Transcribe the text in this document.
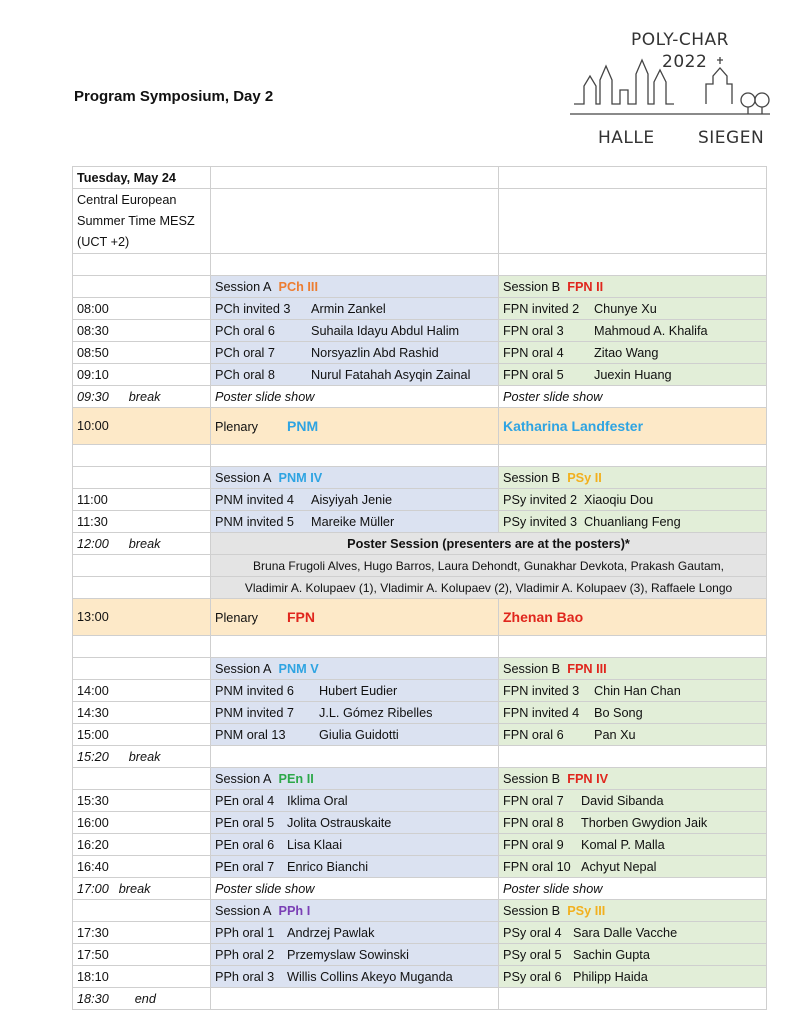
Program Symposium, Day 2
POLY-CHAR
2022
HALLE	SIEGEN
Tuesday, May 24		

Central European
Summer Time MESZ
(UCT +2)		

	Session A PCh III	Session B FPN II
08:00	PCh invited 3 Armin Zankel	FPN invited 2 Chunye Xu
08:30	PCh oral 6 Suhaila Idayu Abdul Halim	FPN oral 3 Mahmoud A. Khalifa
08:50	PCh oral 7 Norsyazlin Abd Rashid	FPN oral 4 Zitao Wang
09:10	PCh oral 8 Nurul Fatahah Asyqin Zainal	FPN oral 5 Juexin Huang
09:30 break	Poster slide show	Poster slide show
10:00	Plenary PNM	Katharina Landfester

	Session A PNM IV	Session B PSy II
11:00	PNM invited 4 Aisyiyah Jenie	PSy invited 2 Xiaoqiu Dou
11:30	PNM invited 5 Mareike Müller	PSy invited 3 Chuanliang Feng
12:00 break	Poster Session (presenters are at the posters)*	
	Bruna Frugoli Alves, Hugo Barros, Laura Dehondt, Gunakhar Devkota, Prakash Gautam,	
	Vladimir A. Kolupaev (1), Vladimir A. Kolupaev (2), Vladimir A. Kolupaev (3), Raffaele Longo	
13:00	Plenary FPN	Zhenan Bao

	Session A PNM V	Session B FPN III
14:00	PNM invited 6 Hubert Eudier	FPN invited 3 Chin Han Chan
14:30	PNM invited 7 J.L. Gómez Ribelles	FPN invited 4 Bo Song
15:00	PNM oral 13 Giulia Guidotti	FPN oral 6 Pan Xu
15:20 break		
	Session A PEn II	Session B FPN IV
15:30	PEn oral 4 Iklima Oral	FPN oral 7 David Sibanda
16:00	PEn oral 5 Jolita Ostrauskaite	FPN oral 8 Thorben Gwydion Jaik
16:20	PEn oral 6 Lisa Klaai	FPN oral 9 Komal P. Malla
16:40	PEn oral 7 Enrico Bianchi	FPN oral 10 Achyut Nepal
17:00 break	Poster slide show	Poster slide show
	Session A PPh I	Session B PSy III
17:30	PPh oral 1 Andrzej Pawlak	PSy oral 4 Sara Dalle Vacche
17:50	PPh oral 2 Przemyslaw Sowinski	PSy oral 5 Sachin Gupta
18:10	PPh oral 3 Willis Collins Akeyo Muganda	PSy oral 6 Philipp Haida
18:30 end		
